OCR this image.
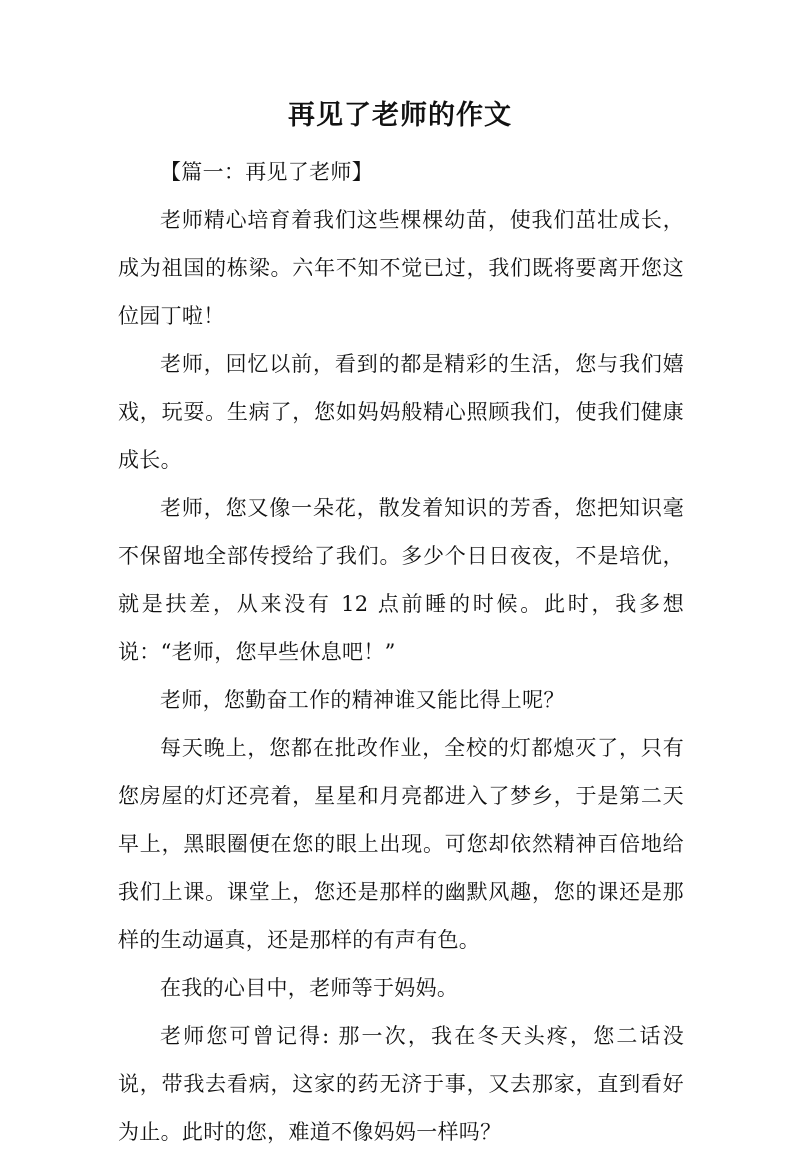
再见了老师的作文

【篇一：再见了老师】

老师精心培育着我们这些棵棵幼苗，使我们茁壮成长，成为祖国的栋梁。六年不知不觉已过，我们既将要离开您这位园丁啦！

老师，回忆以前，看到的都是精彩的生活，您与我们嬉戏，玩耍。生病了，您如妈妈般精心照顾我们，使我们健康成长。

老师，您又像一朵花，散发着知识的芳香，您把知识毫不保留地全部传授给了我们。多少个日日夜夜，不是培优，就是扶差，从来没有 12 点前睡的时候。此时，我多想说：“老师，您早些休息吧！”

老师，您勤奋工作的精神谁又能比得上呢？

每天晚上，您都在批改作业，全校的灯都熄灭了，只有您房屋的灯还亮着，星星和月亮都进入了梦乡，于是第二天早上，黑眼圈便在您的眼上出现。可您却依然精神百倍地给我们上课。课堂上，您还是那样的幽默风趣，您的课还是那样的生动逼真，还是那样的有声有色。

在我的心目中，老师等于妈妈。

老师您可曾记得: 那一次，我在冬天头疼，您二话没说，带我去看病，这家的药无济于事，又去那家，直到看好为止。此时的您，难道不像妈妈一样吗？
